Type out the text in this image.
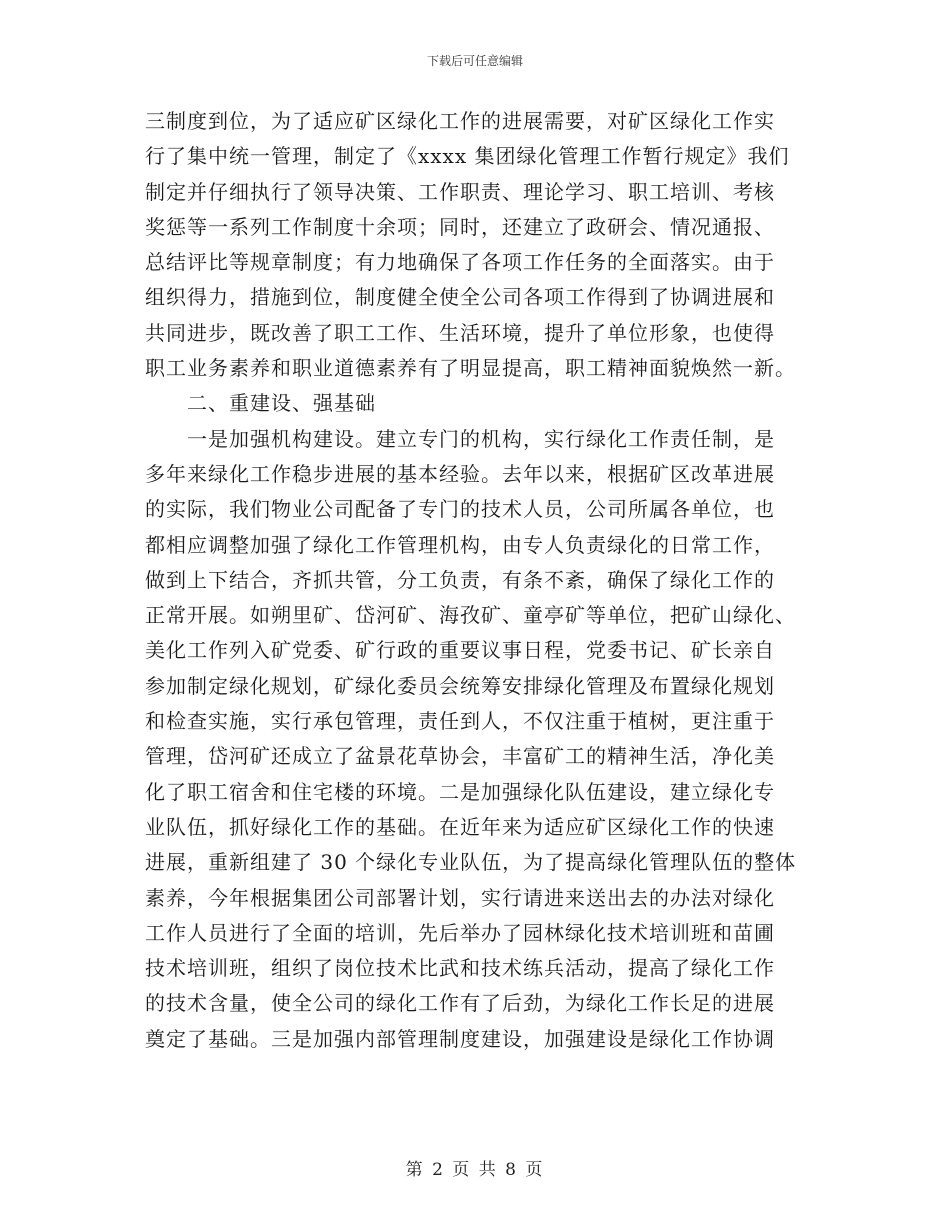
下载后可任意编辑
三制度到位，为了适应矿区绿化工作的进展需要，对矿区绿化工作实
行了集中统一管理，制定了《xxxx 集团绿化管理工作暂行规定》我们
制定并仔细执行了领导决策、工作职责、理论学习、职工培训、考核
奖惩等一系列工作制度十余项；同时，还建立了政研会、情况通报、
总结评比等规章制度；有力地确保了各项工作任务的全面落实。由于
组织得力，措施到位，制度健全使全公司各项工作得到了协调进展和
共同进步，既改善了职工工作、生活环境，提升了单位形象，也使得
职工业务素养和职业道德素养有了明显提高，职工精神面貌焕然一新。
二、重建设、强基础
一是加强机构建设。建立专门的机构，实行绿化工作责任制，是
多年来绿化工作稳步进展的基本经验。去年以来，根据矿区改革进展
的实际，我们物业公司配备了专门的技术人员，公司所属各单位，也
都相应调整加强了绿化工作管理机构，由专人负责绿化的日常工作，
做到上下结合，齐抓共管，分工负责，有条不紊，确保了绿化工作的
正常开展。如朔里矿、岱河矿、海孜矿、童亭矿等单位，把矿山绿化、
美化工作列入矿党委、矿行政的重要议事日程，党委书记、矿长亲自
参加制定绿化规划，矿绿化委员会统筹安排绿化管理及布置绿化规划
和检查实施，实行承包管理，责任到人，不仅注重于植树，更注重于
管理，岱河矿还成立了盆景花草协会，丰富矿工的精神生活，净化美
化了职工宿舍和住宅楼的环境。二是加强绿化队伍建设，建立绿化专
业队伍，抓好绿化工作的基础。在近年来为适应矿区绿化工作的快速
进展，重新组建了 30 个绿化专业队伍，为了提高绿化管理队伍的整体
素养，今年根据集团公司部署计划，实行请进来送出去的办法对绿化
工作人员进行了全面的培训，先后举办了园林绿化技术培训班和苗圃
技术培训班，组织了岗位技术比武和技术练兵活动，提高了绿化工作
的技术含量，使全公司的绿化工作有了后劲，为绿化工作长足的进展
奠定了基础。三是加强内部管理制度建设，加强建设是绿化工作协调
第 2 页 共 8 页
